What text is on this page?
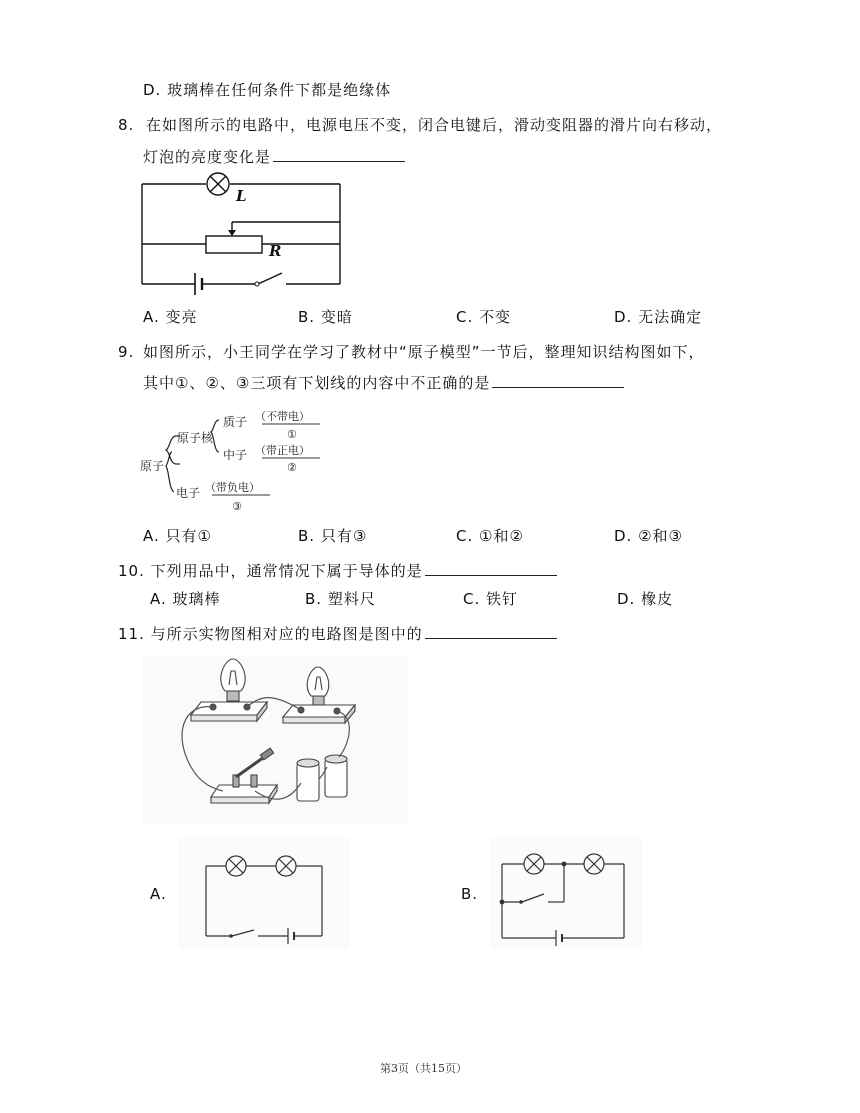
D. 玻璃棒在任何条件下都是绝缘体
8. 在如图所示的电路中，电源电压不变，闭合电键后，滑动变阻器的滑片向右移动，
灯泡的亮度变化是
L
R
A. 变亮	B. 变暗	C. 不变	D. 无法确定
9. 如图所示，小王同学在学习了教材中“原子模型”一节后，整理知识结构图如下，
其中①、②、③三项有下划线的内容中不正确的是
原子
原子核
质子
中子
电子
（不带电）
（带正电）
（带负电）
①
②
③
A. 只有①	B. 只有③	C. ①和②	D. ②和③
10. 下列用品中，通常情况下属于导体的是
A. 玻璃棒	B. 塑料尺	C. 铁钉	D. 橡皮
11. 与所示实物图相对应的电路图是图中的
A.	B.
第3页（共15页）
